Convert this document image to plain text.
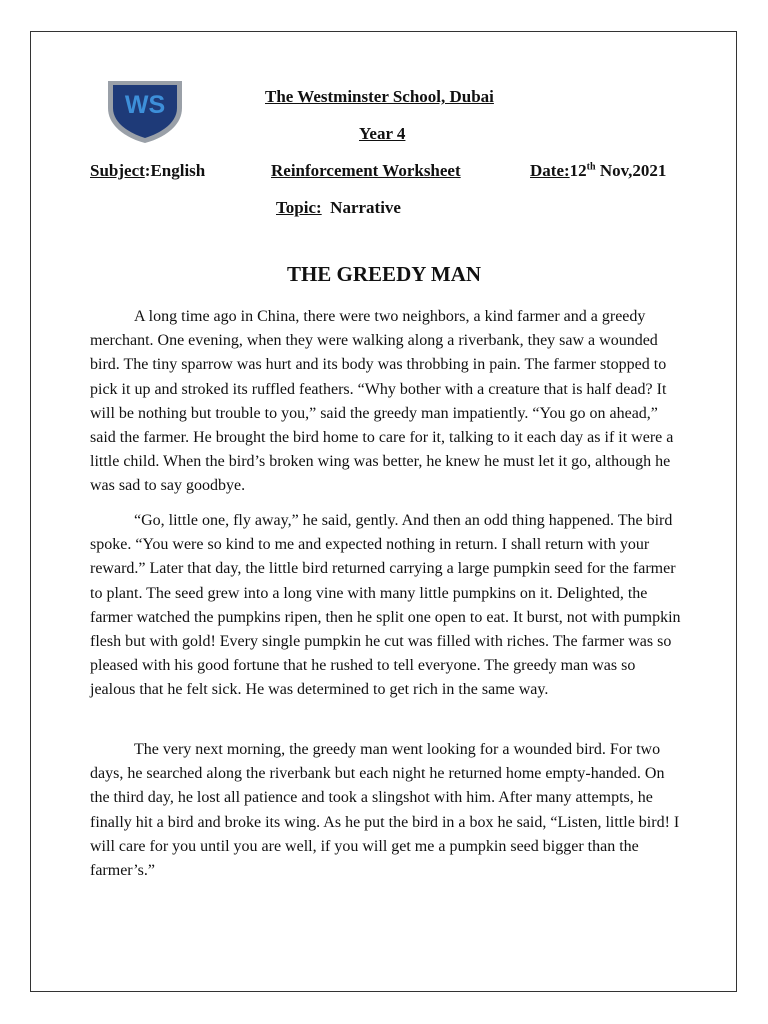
WS	The Westminster School, Dubai
Year 4
Subject:English	Reinforcement Worksheet	Date:12th Nov,2021
Topic: Narrative
THE GREEDY MAN

A long time ago in China, there were two neighbors, a kind farmer and a greedy merchant. One evening, when they were walking along a riverbank, they saw a wounded bird. The tiny sparrow was hurt and its body was throbbing in pain. The farmer stopped to pick it up and stroked its ruffled feathers. “Why bother with a creature that is half dead? It will be nothing but trouble to you,” said the greedy man impatiently. “You go on ahead,” said the farmer. He brought the bird home to care for it, talking to it each day as if it were a little child. When the bird’s broken wing was better, he knew he must let it go, although he was sad to say goodbye.

“Go, little one, fly away,” he said, gently. And then an odd thing happened. The bird spoke. “You were so kind to me and expected nothing in return. I shall return with your reward.” Later that day, the little bird returned carrying a large pumpkin seed for the farmer to plant. The seed grew into a long vine with many little pumpkins on it. Delighted, the farmer watched the pumpkins ripen, then he split one open to eat. It burst, not with pumpkin flesh but with gold! Every single pumpkin he cut was filled with riches. The farmer was so pleased with his good fortune that he rushed to tell everyone. The greedy man was so jealous that he felt sick. He was determined to get rich in the same way.

The very next morning, the greedy man went looking for a wounded bird. For two days, he searched along the riverbank but each night he returned home empty-handed. On the third day, he lost all patience and took a slingshot with him. After many attempts, he finally hit a bird and broke its wing. As he put the bird in a box he said, “Listen, little bird! I will care for you until you are well, if you will get me a pumpkin seed bigger than the farmer’s.”
